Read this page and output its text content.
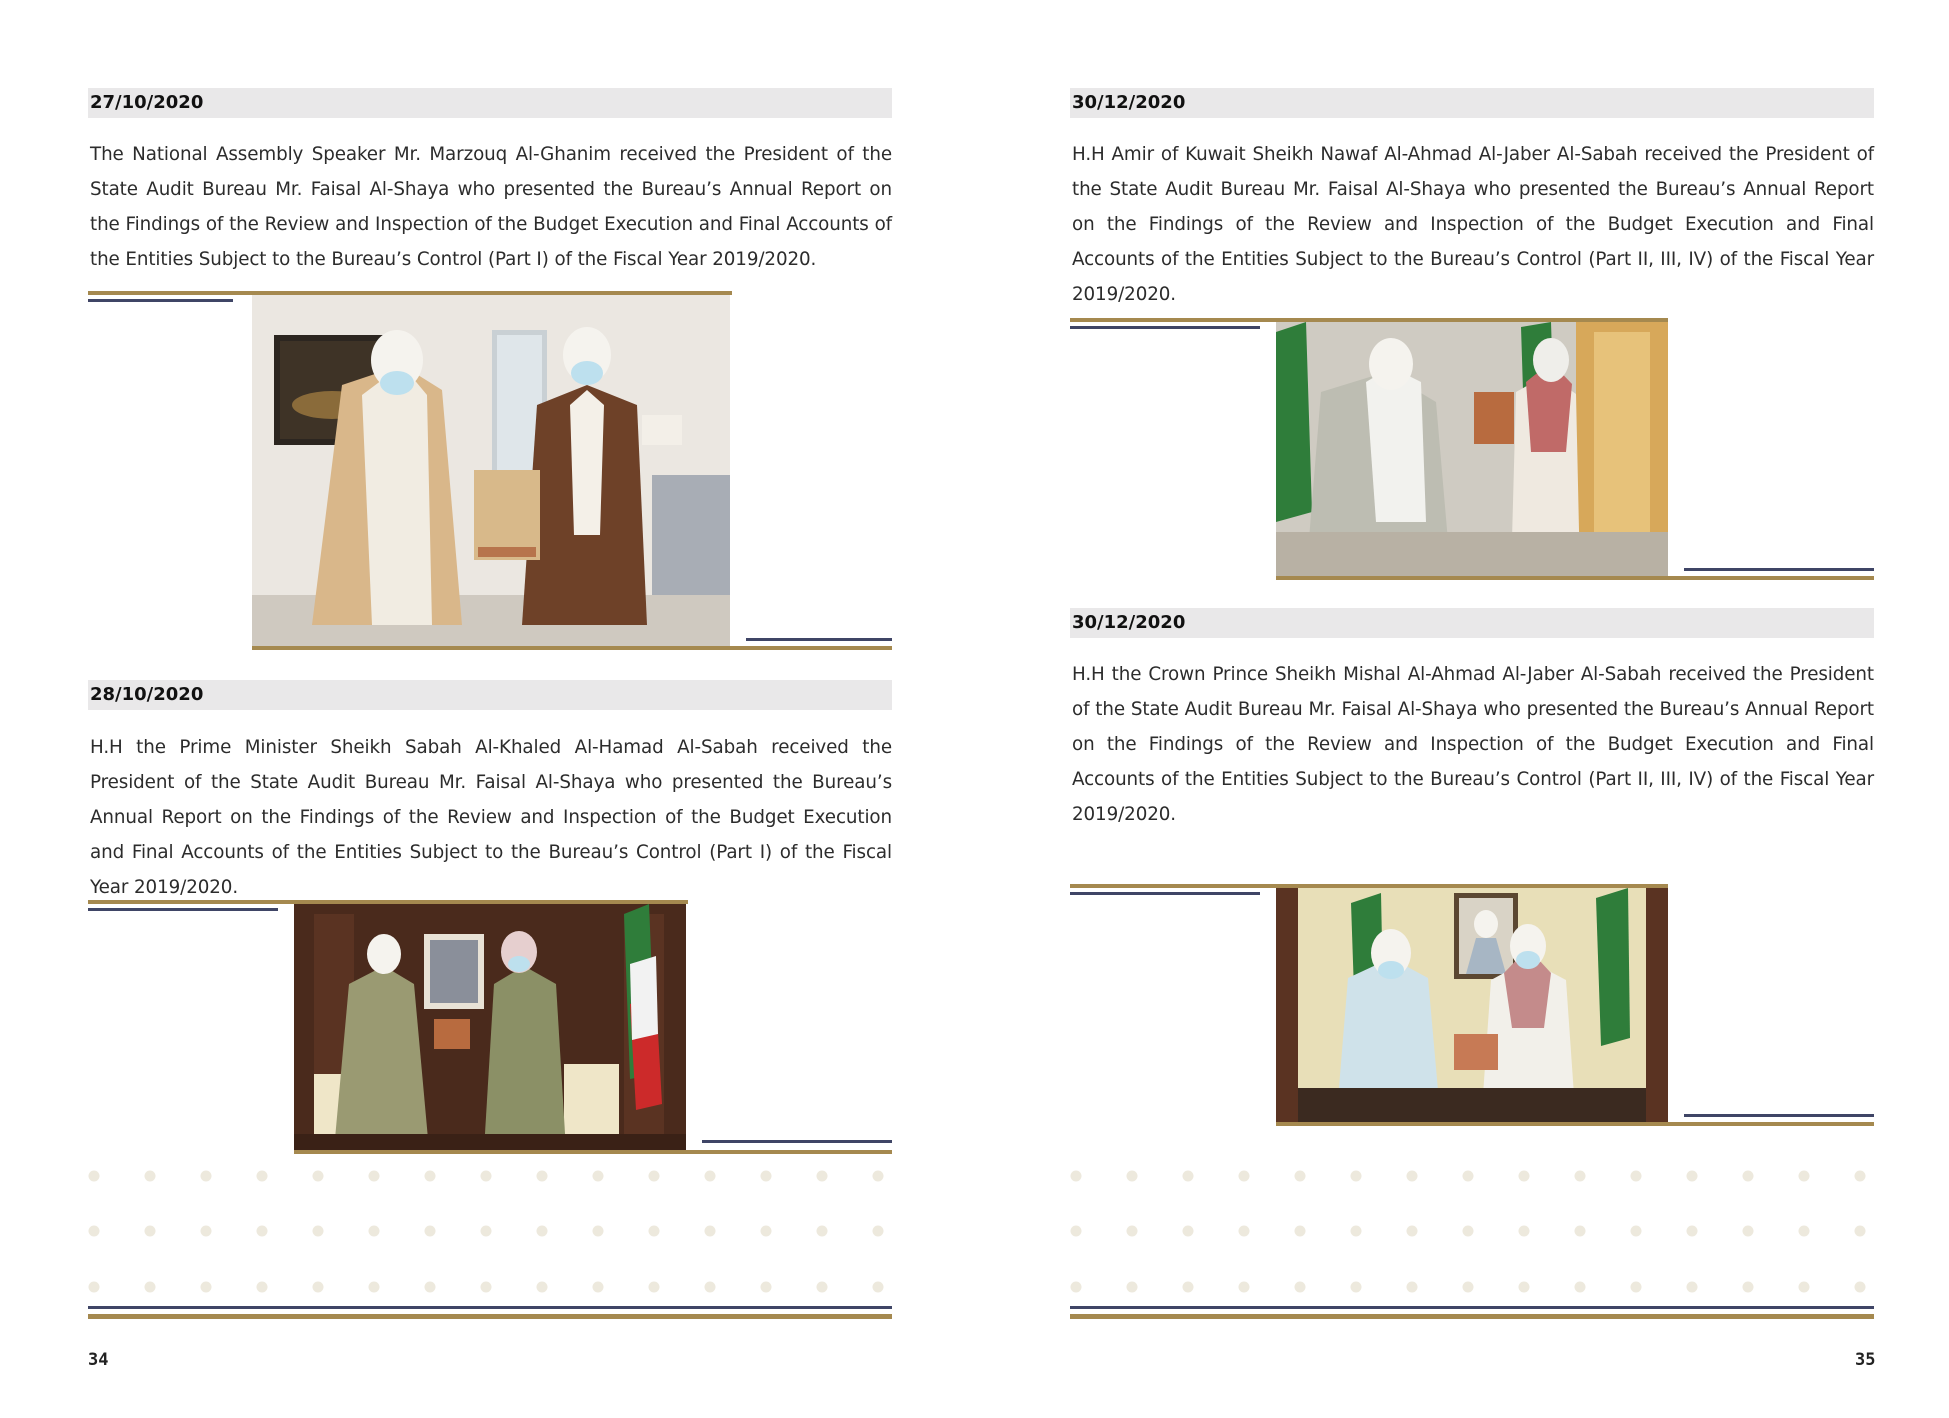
27/10/2020
The National Assembly Speaker Mr. Marzouq Al-Ghanim received the President of the State Audit Bureau Mr. Faisal Al-Shaya who presented the Bureau’s Annual Report on the Findings of the Review and Inspection of the Budget Execution and Final Accounts of the Entities Subject to the Bureau’s Control (Part I) of the Fiscal Year 2019/2020.
28/10/2020
H.H the Prime Minister Sheikh Sabah Al-Khaled Al-Hamad Al-Sabah received the President of the State Audit Bureau Mr. Faisal Al-Shaya who presented the Bureau’s Annual Report on the Findings of the Review and Inspection of the Budget Execution and Final Accounts of the Entities Subject to the Bureau’s Control (Part I) of the Fiscal Year 2019/2020.
34
30/12/2020
H.H Amir of Kuwait Sheikh Nawaf Al-Ahmad Al-Jaber Al-Sabah received the President of the State Audit Bureau Mr. Faisal Al-Shaya who presented the Bureau’s Annual Report on the Findings of the Review and Inspection of the Budget Execution and Final Accounts of the Entities Subject to the Bureau’s Control (Part II, III, IV) of the Fiscal Year 2019/2020.
30/12/2020
H.H the Crown Prince Sheikh Mishal Al-Ahmad Al-Jaber Al-Sabah received the President of the State Audit Bureau Mr. Faisal Al-Shaya who presented the Bureau’s Annual Report on the Findings of the Review and Inspection of the Budget Execution and Final Accounts of the Entities Subject to the Bureau’s Control (Part II, III, IV) of the Fiscal Year 2019/2020.
35
